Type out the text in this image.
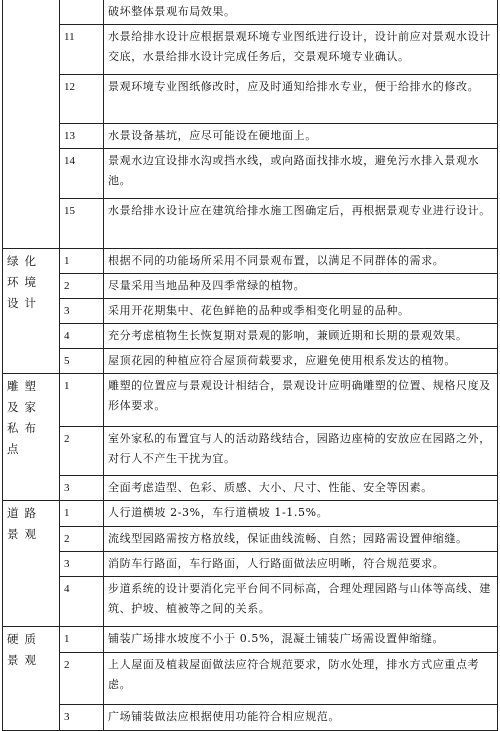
		破坏整体景观布局效果。
	11	水景给排水设计应根据景观环境专业图纸进行设计，设计前应对景观水设计交底，水景给排水设计完成任务后，交景观环境专业确认。
	12	景观环境专业图纸修改时，应及时通知给排水专业，便于给排水的修改。
	13	水景设备基坑，应尽可能设在硬地面上。
	14	景观水边宜设排水沟或挡水线，或向路面找排水坡，避免污水排入景观水池。
	15	水景给排水设计应在建筑给排水施工图确定后，再根据景观专业进行设计。
绿化环境设计	1	根据不同的功能场所采用不同景观布置，以满足不同群体的需求。
	2	尽量采用当地品种及四季常绿的植物。
	3	采用开花期集中、花色鲜艳的品种或季相变化明显的品种。
	4	充分考虑植物生长恢复期对景观的影响，兼顾近期和长期的景观效果。
	5	屋顶花园的种植应符合屋顶荷载要求，应避免使用根系发达的植物。
雕塑及家私布点	1	雕塑的位置应与景观设计相结合，景观设计应明确雕塑的位置、规格尺度及形体要求。
	2	室外家私的布置宜与人的活动路线结合，园路边座椅的安放应在园路之外，对行人不产生干扰为宜。
	3	全面考虑造型、色彩、质感、大小、尺寸、性能、安全等因素。
道路景观	1	人行道横坡 2-3%，车行道横坡 1-1.5%。
	2	流线型园路需按方格放线，保证曲线流畅、自然；园路需设置伸缩缝。
	3	消防车行路面，车行路面，人行路面做法应明晰，符合规范要求。
	4	步道系统的设计要消化完平台间不同标高，合理处理园路与山体等高线、建筑、护坡、植被等之间的关系。
硬质景观	1	铺装广场排水坡度不小于 0.5%，混凝土铺装广场需设置伸缩缝。
	2	上人屋面及植栽屋面做法应符合规范要求，防水处理，排水方式应重点考虑。
	3	广场铺装做法应根据使用功能符合相应规范。
